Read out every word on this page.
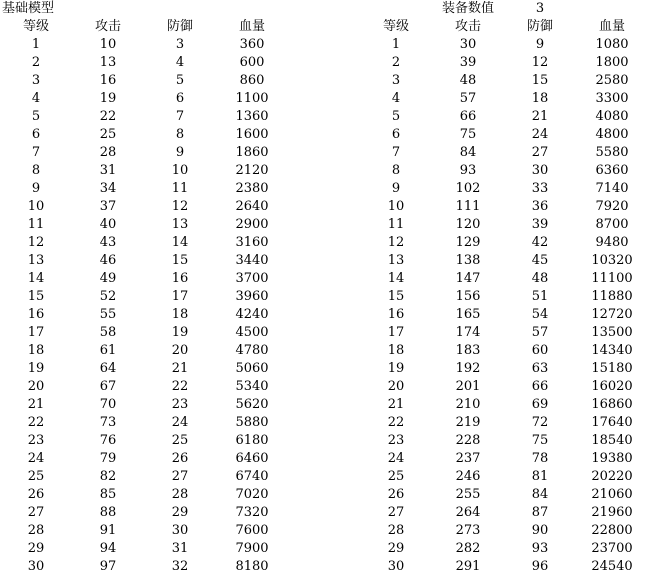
基础模型			
等级	攻击	防御	血量
1	10	3	360
2	13	4	600
3	16	5	860
4	19	6	1100
5	22	7	1360
6	25	8	1600
7	28	9	1860
8	31	10	2120
9	34	11	2380
10	37	12	2640
11	40	13	2900
12	43	14	3160
13	46	15	3440
14	49	16	3700
15	52	17	3960
16	55	18	4240
17	58	19	4500
18	61	20	4780
19	64	21	5060
20	67	22	5340
21	70	23	5620
22	73	24	5880
23	76	25	6180
24	79	26	6460
25	82	27	6740
26	85	28	7020
27	88	29	7320
28	91	30	7600
29	94	31	7900
30	97	32	8180
	装备数值	3	
等级	攻击	防御	血量
1	30	9	1080
2	39	12	1800
3	48	15	2580
4	57	18	3300
5	66	21	4080
6	75	24	4800
7	84	27	5580
8	93	30	6360
9	102	33	7140
10	111	36	7920
11	120	39	8700
12	129	42	9480
13	138	45	10320
14	147	48	11100
15	156	51	11880
16	165	54	12720
17	174	57	13500
18	183	60	14340
19	192	63	15180
20	201	66	16020
21	210	69	16860
22	219	72	17640
23	228	75	18540
24	237	78	19380
25	246	81	20220
26	255	84	21060
27	264	87	21960
28	273	90	22800
29	282	93	23700
30	291	96	24540
